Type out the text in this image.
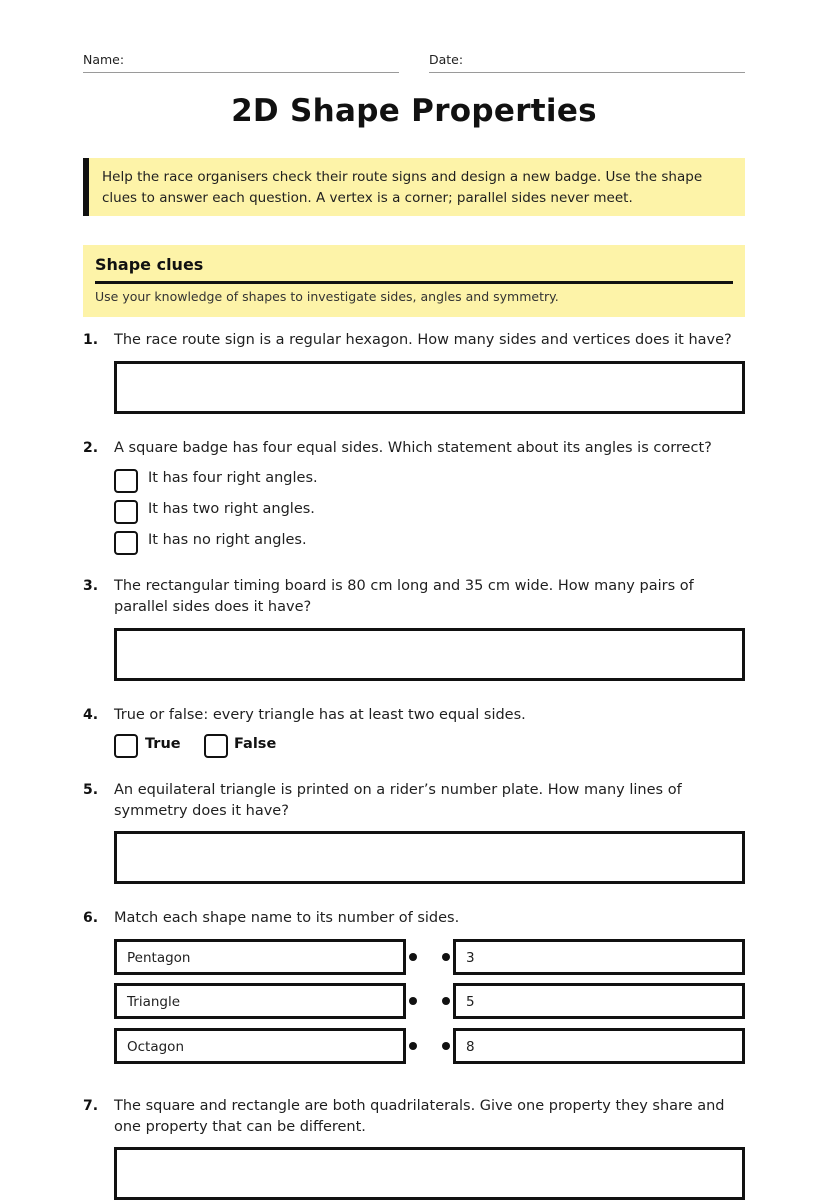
Name:	Date:
2D Shape Properties
Help the race organisers check their route signs and design a new badge. Use the shape clues to answer each question. A vertex is a corner; parallel sides never meet.
Shape clues
Use your knowledge of shapes to investigate sides, angles and symmetry.
1. The race route sign is a regular hexagon. How many sides and vertices does it have?
2. A square badge has four equal sides. Which statement about its angles is correct?
It has four right angles.
It has two right angles.
It has no right angles.
3. The rectangular timing board is 80 cm long and 35 cm wide. How many pairs of parallel sides does it have?
4. True or false: every triangle has at least two equal sides.
True	False
5. An equilateral triangle is printed on a rider’s number plate. How many lines of symmetry does it have?
6. Match each shape name to its number of sides.
Pentagon	3
Triangle	5
Octagon	8
7. The square and rectangle are both quadrilaterals. Give one property they share and one property that can be different.
